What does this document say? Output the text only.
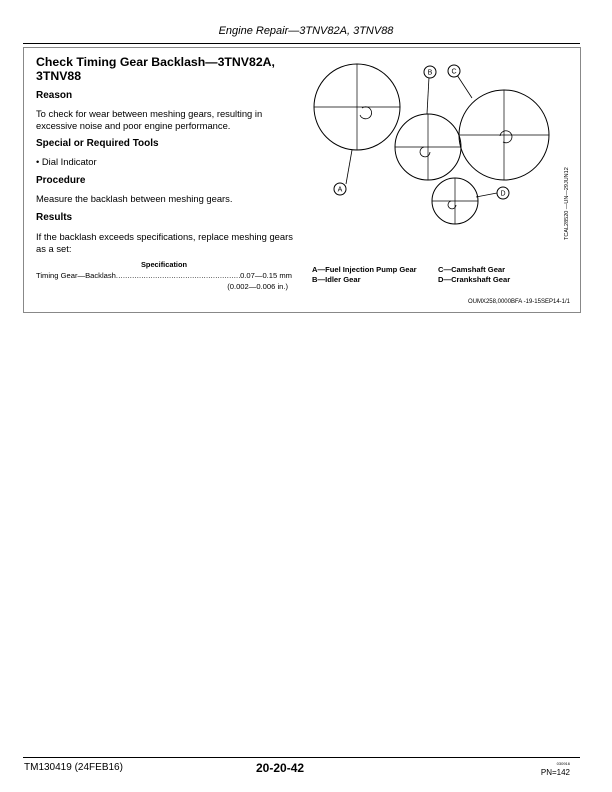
Engine Repair—3TNV82A, 3TNV88
Check Timing Gear Backlash—3TNV82A, 3TNV88
Reason
To check for wear between meshing gears, resulting in excessive noise and poor engine performance.
Special or Required Tools
• Dial Indicator
Procedure
Measure the backlash between meshing gears.
Results
If the backlash exceeds specifications, replace meshing gears as a set:
Specification
Timing Gear—Backlash
.....	0.07—0.15 mm
(0.002—0.006 in.)
A
B	C
D	TCAL28520 —UN—29JUN12
A—Fuel Injection Pump Gear
B—Idler Gear
C—Camshaft Gear
D—Crankshaft Gear
OUMX258,0000BFA -19-15SEP14-1/1
TM130419 (24FEB16)	20-20-42	030916
PN=142
